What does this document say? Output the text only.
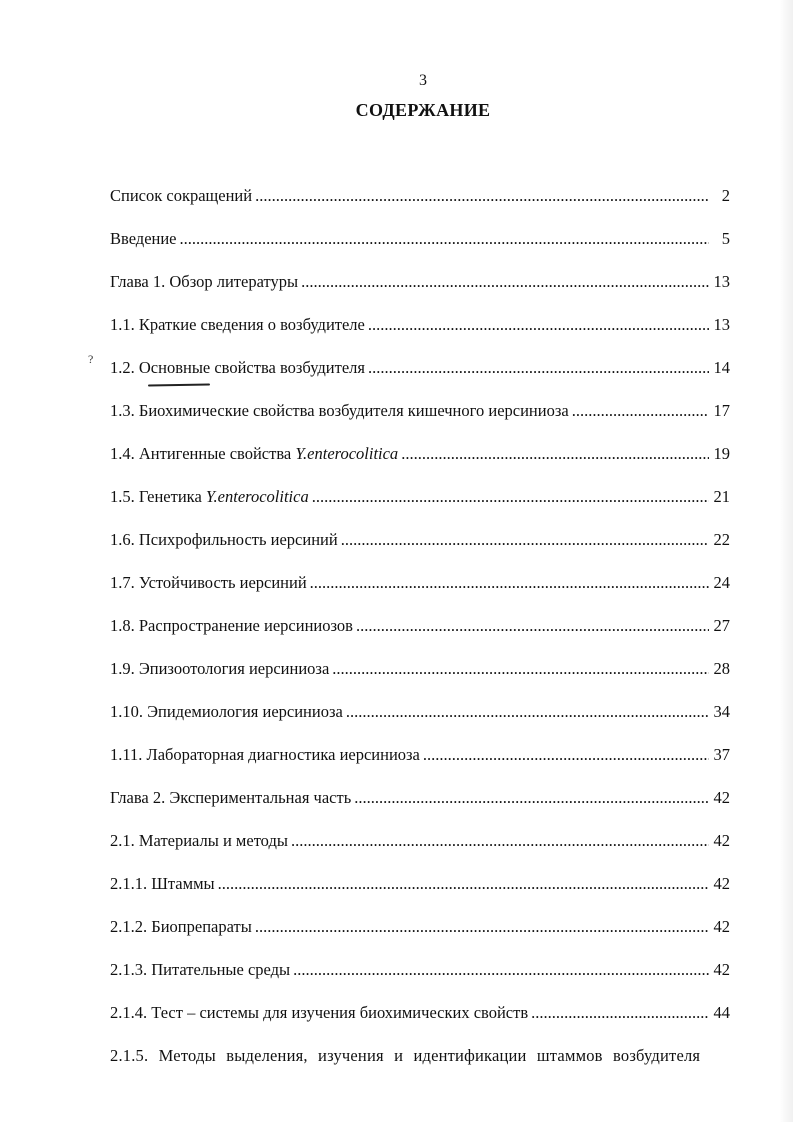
3
СОДЕРЖАНИЕ
Список сокращений .....	2
Введение .....	5
Глава 1. Обзор литературы .....	13
1.1. Краткие сведения о возбудителе .....	13
1.2. Основные свойства возбудителя .....	14
1.3. Биохимические свойства возбудителя кишечного иерсиниоза .....	17
1.4. Антигенные свойства Y.enterocolitica .....	19
1.5. Генетика Y.enterocolitica .....	21
1.6. Психрофильность иерсиний .....	22
1.7. Устойчивость иерсиний .....	24
1.8. Распространение иерсиниозов .....	27
1.9. Эпизоотология иерсиниоза .....	28
1.10. Эпидемиология иерсиниоза .....	34
1.11. Лабораторная диагностика иерсиниоза .....	37
Глава 2. Экспериментальная часть .....	42
2.1. Материалы и методы .....	42
2.1.1. Штаммы .....	42
2.1.2. Биопрепараты .....	42
2.1.3. Питательные среды .....	42
2.1.4. Тест – системы для изучения биохимических свойств .....	44
2.1.5. Методы выделения, изучения и идентификации штаммов возбудителя
?
